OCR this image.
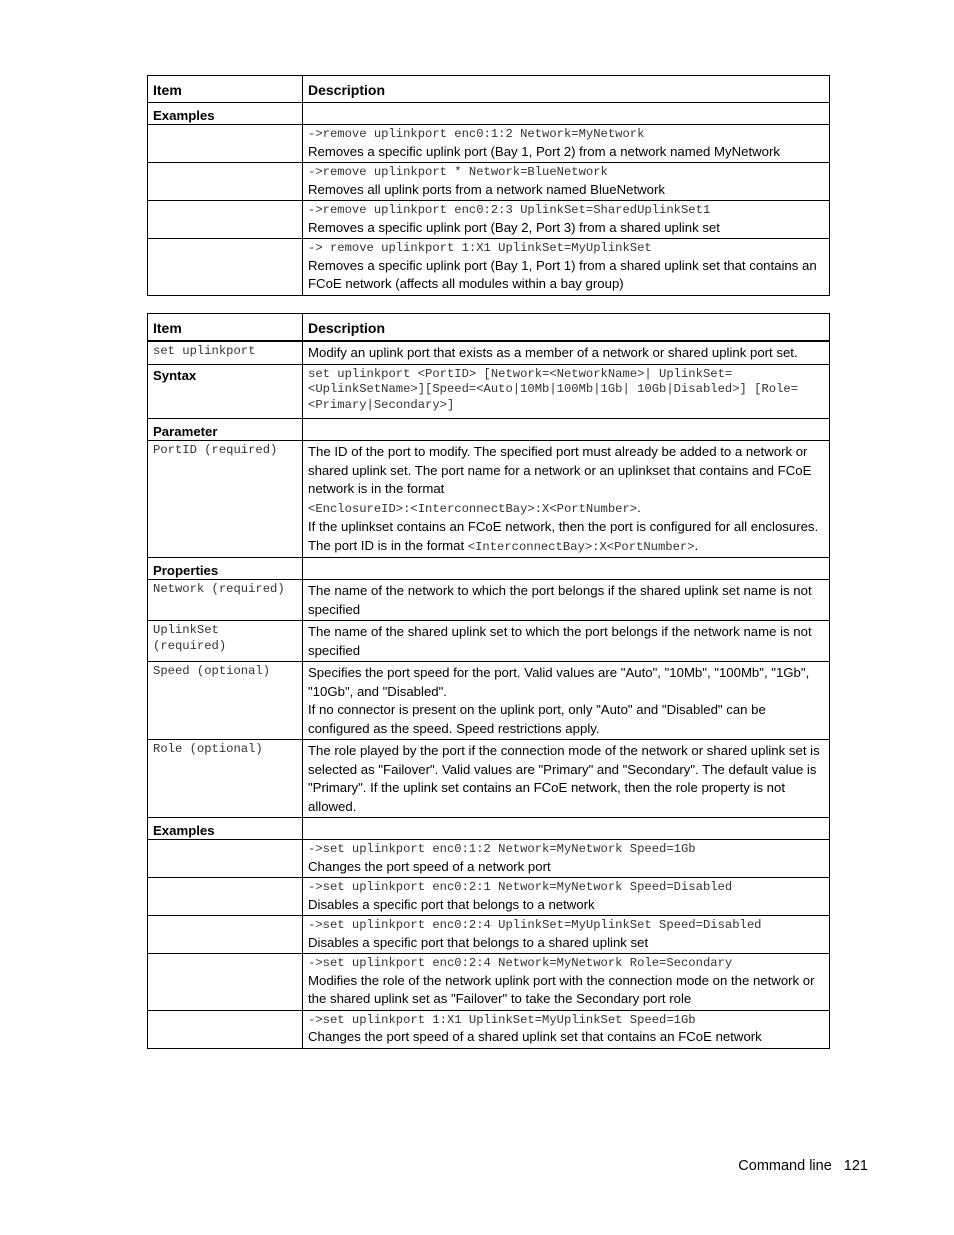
Item	Description
Examples	

	->remove uplinkport enc0:1:2 Network=MyNetwork
Removes a specific uplink port (Bay 1, Port 2) from a network named MyNetwork

	->remove uplinkport * Network=BlueNetwork
Removes all uplink ports from a network named BlueNetwork

	->remove uplinkport enc0:2:3 UplinkSet=SharedUplinkSet1
Removes a specific uplink port (Bay 2, Port 3) from a shared uplink set

	-> remove uplinkport 1:X1 UplinkSet=MyUplinkSet
Removes a specific uplink port (Bay 1, Port 1) from a shared uplink set that contains an FCoE network (affects all modules within a bay group)
Item	Description

set uplinkport	Modify an uplink port that exists as a member of a network or shared uplink port set.
Syntax	set uplinkport <PortID> [Network=<NetworkName>| UplinkSet=<UplinkSetName>][Speed=<Auto|10Mb|100Mb|1Gb| 10Gb|Disabled>] [Role=<Primary|Secondary>]

Parameter	

PortID (required)	The ID of the port to modify. The specified port must already be added to a network or shared uplink set. The port name for a network or an uplinkset that contains and FCoE network is in the format
<EnclosureID>:<InterconnectBay>:X<PortNumber>.
If the uplinkset contains an FCoE network, then the port is configured for all enclosures. The port ID is in the format <InterconnectBay>:X<PortNumber>.
Properties	

Network (required)	The name of the network to which the port belongs if the shared uplink set name is not specified

UplinkSet (required)	The name of the shared uplink set to which the port belongs if the network name is not specified

Speed (optional)	Specifies the port speed for the port. Valid values are "Auto", "10Mb", "100Mb", "1Gb", "10Gb", and "Disabled".
If no connector is present on the uplink port, only "Auto" and "Disabled" can be configured as the speed. Speed restrictions apply.

Role (optional)	The role played by the port if the connection mode of the network or shared uplink set is selected as "Failover". Valid values are "Primary" and "Secondary". The default value is "Primary". If the uplink set contains an FCoE network, then the role property is not allowed.
Examples	

	->set uplinkport enc0:1:2 Network=MyNetwork Speed=1Gb
Changes the port speed of a network port

	->set uplinkport enc0:2:1 Network=MyNetwork Speed=Disabled
Disables a specific port that belongs to a network

	->set uplinkport enc0:2:4 UplinkSet=MyUplinkSet Speed=Disabled
Disables a specific port that belongs to a shared uplink set

	->set uplinkport enc0:2:4 Network=MyNetwork Role=Secondary
Modifies the role of the network uplink port with the connection mode on the network or the shared uplink set as "Failover" to take the Secondary port role

	->set uplinkport 1:X1 UplinkSet=MyUplinkSet Speed=1Gb
Changes the port speed of a shared uplink set that contains an FCoE network
Command line 121
